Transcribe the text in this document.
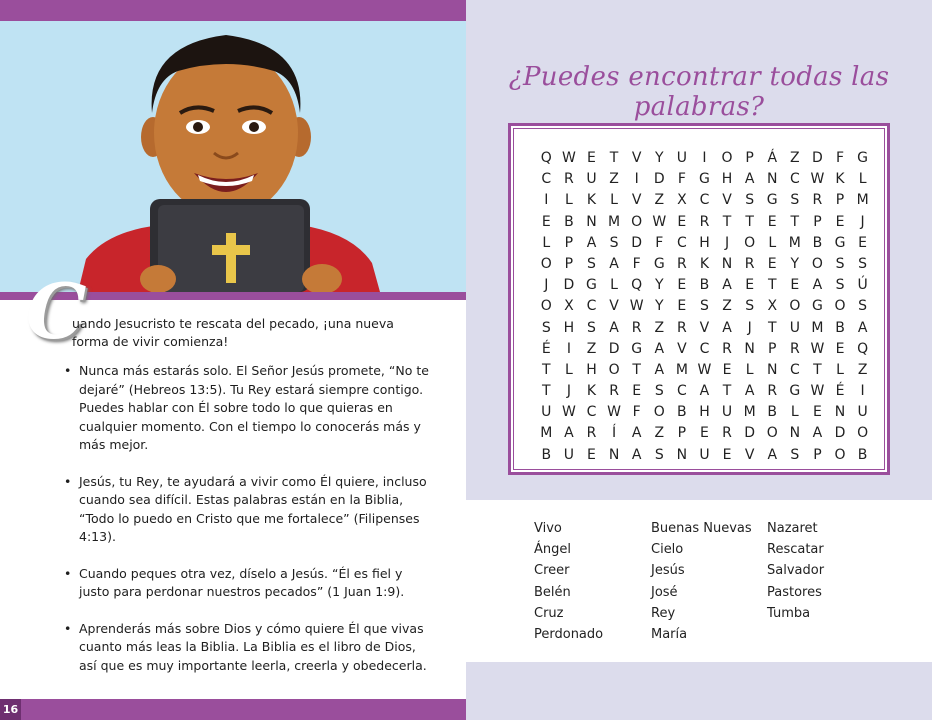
C
uando Jesucristo te rescata del pecado, ¡una nueva forma de vivir comienza!
• Nunca más estarás solo. El Señor Jesús promete, “No te dejaré” (Hebreos 13:5). Tu Rey estará siempre contigo. Puedes hablar con Él sobre todo lo que quieras en cualquier momento. Con el tiempo lo conocerás más y más mejor.
• Jesús, tu Rey, te ayudará a vivir como Él quiere, incluso cuando sea difícil. Estas palabras están en la Biblia, “Todo lo puedo en Cristo que me fortalece” (Filipenses 4:13).
• Cuando peques otra vez, díselo a Jesús. “Él es fiel y justo para perdonar nuestros pecados” (1 Juan 1:9).
• Aprenderás más sobre Dios y cómo quiere Él que vivas cuanto más leas la Biblia. La Biblia es el libro de Dios, así que es muy importante leerla, creerla y obedecerla.
16
¿Puedes encontrar todas las palabras?
Q W E T V Y U	I	O P Á Z D F G
C R U Z	I	D F G H A N C W K	L
I	L	K	L V Z X C V S G S R P M
E B N M O W E R T	T E T	P E	J
L	P A S D F C H	J	O L M B G E
O P S A F G R K N R E Y O S S
J	D G L Q Y E B A E T E A S Ú
O X C V W Y E S Z S X O G O S
S H S A R Z R V A	J	T U M B A
É	I	Z D G A V C R N P R W E Q
T	L H O T A M W E	L N C T	L Z
T	J	K R E S C A T A R G W É	I
U W C W F O B H U M B L	E N U
M A R	Í	A Z P E R D O N A D O
B U E N A S N U E V A S P O B
Vivo
Ángel
Creer
Belén
Cruz
Perdonado
Buenas Nuevas
Cielo
Jesús
José
Rey
María
Nazaret
Rescatar
Salvador
Pastores
Tumba
